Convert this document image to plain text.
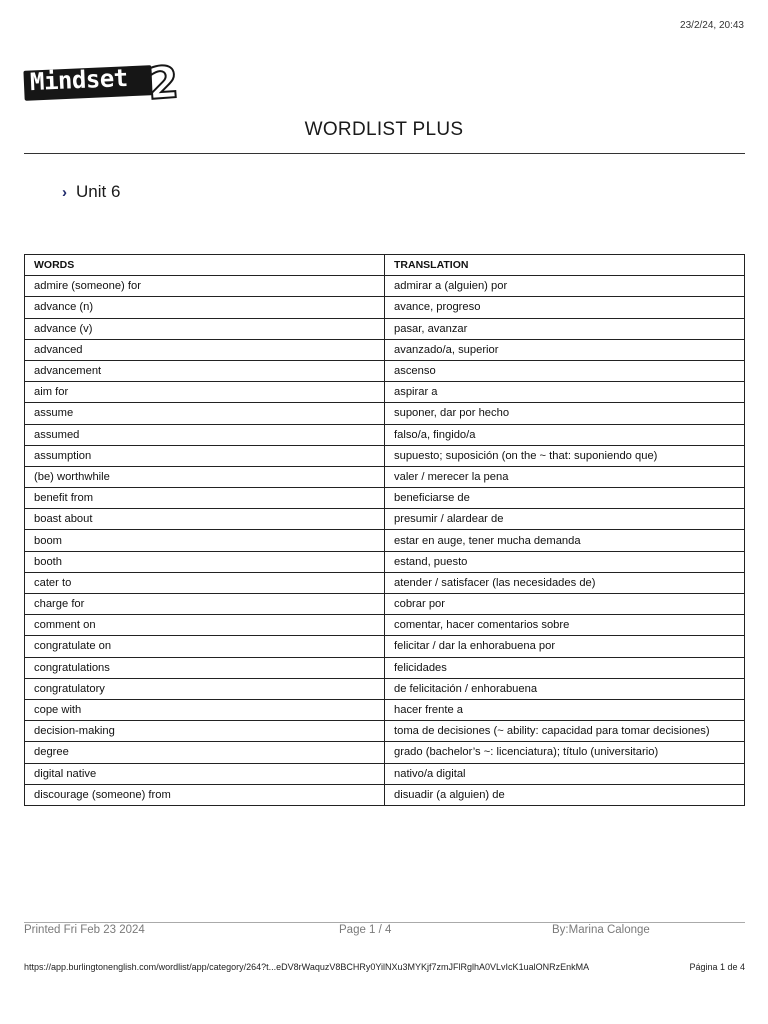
23/2/24, 20:43
Mindset 2
WORDLIST PLUS
› Unit 6
WORDS	TRANSLATION
admire (someone) for	admirar a (alguien) por
advance (n)	avance, progreso
advance (v)	pasar, avanzar
advanced	avanzado/a, superior
advancement	ascenso
aim for	aspirar a
assume	suponer, dar por hecho
assumed	falso/a, fingido/a
assumption	supuesto; suposición (on the ~ that: suponiendo que)
(be) worthwhile	valer / merecer la pena
benefit from	beneficiarse de
boast about	presumir / alardear de
boom	estar en auge, tener mucha demanda
booth	estand, puesto
cater to	atender / satisfacer (las necesidades de)
charge for	cobrar por
comment on	comentar, hacer comentarios sobre
congratulate on	felicitar / dar la enhorabuena por
congratulations	felicidades
congratulatory	de felicitación / enhorabuena
cope with	hacer frente a
decision-making	toma de decisiones (~ ability: capacidad para tomar decisiones)
degree	grado (bachelor’s ~: licenciatura); título (universitario)
digital native	nativo/a digital
discourage (someone) from	disuadir (a alguien) de
Printed Fri Feb 23 2024	Page 1 / 4	By:Marina Calonge
https://app.burlingtonenglish.com/wordlist/app/category/264?t...eDV8rWaquzV8BCHRy0YilNXu3MYKjf7zmJFlRglhA0VLvIcK1ualONRzEnkMA	Página 1 de 4
